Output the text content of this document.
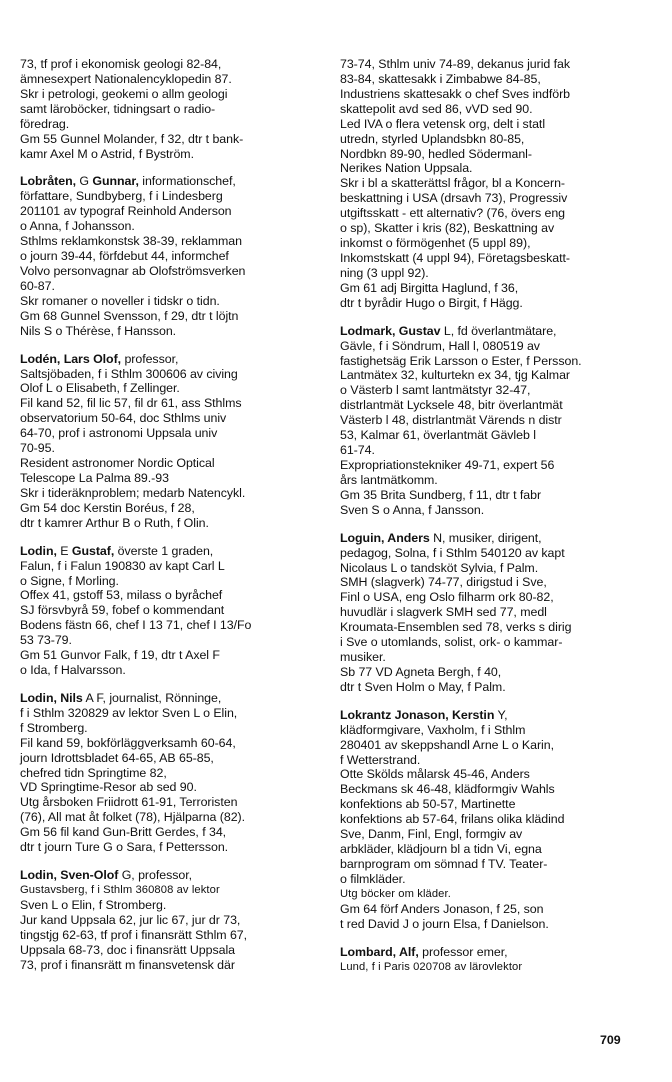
73, tf prof i ekonomisk geologi 82-84,
ämnesexpert Nationalencyklopedin 87.
Skr i petrologi, geokemi o allm geologi
samt läroböcker, tidningsart o radio-
föredrag.
Gm 55 Gunnel Molander, f 32, dtr t bank-
kamr Axel M o Astrid, f Byström.
Lobråten, G Gunnar, informationschef,
författare, Sundbyberg, f i Lindesberg
201101 av typograf Reinhold Anderson
o Anna, f Johansson.
Sthlms reklamkonstsk 38-39, reklamman
o journ 39-44, förfdebut 44, informchef
Volvo personvagnar ab Olofströmsverken
60-87.
Skr romaner o noveller i tidskr o tidn.
Gm 68 Gunnel Svensson, f 29, dtr t löjtn
Nils S o Thérèse, f Hansson.
Lodén, Lars Olof, professor,
Saltsjöbaden, f i Sthlm 300606 av civing
Olof L o Elisabeth, f Zellinger.
Fil kand 52, fil lic 57, fil dr 61, ass Sthlms
observatorium 50-64, doc Sthlms univ
64-70, prof i astronomi Uppsala univ
70-95.
Resident astronomer Nordic Optical
Telescope La Palma 89.-93
Skr i tideräknproblem; medarb Natencykl.
Gm 54 doc Kerstin Boréus, f 28,
dtr t kamrer Arthur B o Ruth, f Olin.
Lodin, E Gustaf, överste 1 graden,
Falun, f i Falun 190830 av kapt Carl L
o Signe, f Morling.
Offex 41, gstoff 53, milass o byråchef
SJ försvbyrå 59, fobef o kommendant
Bodens fästn 66, chef I 13 71, chef I 13/Fo
53 73-79.
Gm 51 Gunvor Falk, f 19, dtr t Axel F
o Ida, f Halvarsson.
Lodin, Nils A F, journalist, Rönninge,
f i Sthlm 320829 av lektor Sven L o Elin,
f Stromberg.
Fil kand 59, bokförläggverksamh 60-64,
journ Idrottsbladet 64-65, AB 65-85,
chefred tidn Springtime 82,
VD Springtime-Resor ab sed 90.
Utg årsboken Friidrott 61-91, Terroristen
(76), All mat åt folket (78), Hjälparna (82).
Gm 56 fil kand Gun-Britt Gerdes, f 34,
dtr t journ Ture G o Sara, f Pettersson.
Lodin, Sven-Olof G, professor,
Gustavsberg, f i Sthlm 360808 av lektor
Sven L o Elin, f Stromberg.
Jur kand Uppsala 62, jur lic 67, jur dr 73,
tingstjg 62-63, tf prof i finansrätt Sthlm 67,
Uppsala 68-73, doc i finansrätt Uppsala
73, prof i finansrätt m finansvetensk där
73-74, Sthlm univ 74-89, dekanus jurid fak
83-84, skattesakk i Zimbabwe 84-85,
Industriens skattesakk o chef Sves indförb
skattepolit avd sed 86, vVD sed 90.
Led IVA o flera vetensk org, delt i statl
utredn, styrled Uplandsbkn 80-85,
Nordbkn 89-90, hedled Södermanl-
Nerikes Nation Uppsala.
Skr i bl a skatterättsl frågor, bl a Koncern-
beskattning i USA (drsavh 73), Progressiv
utgiftsskatt - ett alternativ? (76, övers eng
o sp), Skatter i kris (82), Beskattning av
inkomst o förmögenhet (5 uppl 89),
Inkomstskatt (4 uppl 94), Företagsbeskatt-
ning (3 uppl 92).
Gm 61 adj Birgitta Haglund, f 36,
dtr t byrådir Hugo o Birgit, f Hägg.
Lodmark, Gustav L, fd överlantmätare,
Gävle, f i Söndrum, Hall l, 080519 av
fastighetsäg Erik Larsson o Ester, f Persson.
Lantmätex 32, kulturtekn ex 34, tjg Kalmar
o Västerb l samt lantmätstyr 32-47,
distrlantmät Lycksele 48, bitr överlantmät
Västerb l 48, distrlantmät Värends n distr
53, Kalmar 61, överlantmät Gävleb l
61-74.
Expropriationstekniker 49-71, expert 56
års lantmätkomm.
Gm 35 Brita Sundberg, f 11, dtr t fabr
Sven S o Anna, f Jansson.
Loguin, Anders N, musiker, dirigent,
pedagog, Solna, f i Sthlm 540120 av kapt
Nicolaus L o tandsköt Sylvia, f Palm.
SMH (slagverk) 74-77, dirigstud i Sve,
Finl o USA, eng Oslo filharm ork 80-82,
huvudlär i slagverk SMH sed 77, medl
Kroumata-Ensemblen sed 78, verks s dirig
i Sve o utomlands, solist, ork- o kammar-
musiker.
Sb 77 VD Agneta Bergh, f 40,
dtr t Sven Holm o May, f Palm.
Lokrantz Jonason, Kerstin Y,
klädformgivare, Vaxholm, f i Sthlm
280401 av skeppshandl Arne L o Karin,
f Wetterstrand.
Otte Skölds målarsk 45-46, Anders
Beckmans sk 46-48, klädformgiv Wahls
konfektions ab 50-57, Martinette
konfektions ab 57-64, frilans olika klädind
Sve, Danm, Finl, Engl, formgiv av
arbkläder, klädjourn bl a tidn Vi, egna
barnprogram om sömnad f TV. Teater-
o filmkläder.
Utg böcker om kläder.
Gm 64 förf Anders Jonason, f 25, son
t red David J o journ Elsa, f Danielson.
Lombard, Alf, professor emer,
Lund, f i Paris 020708 av lärovlektor
709
